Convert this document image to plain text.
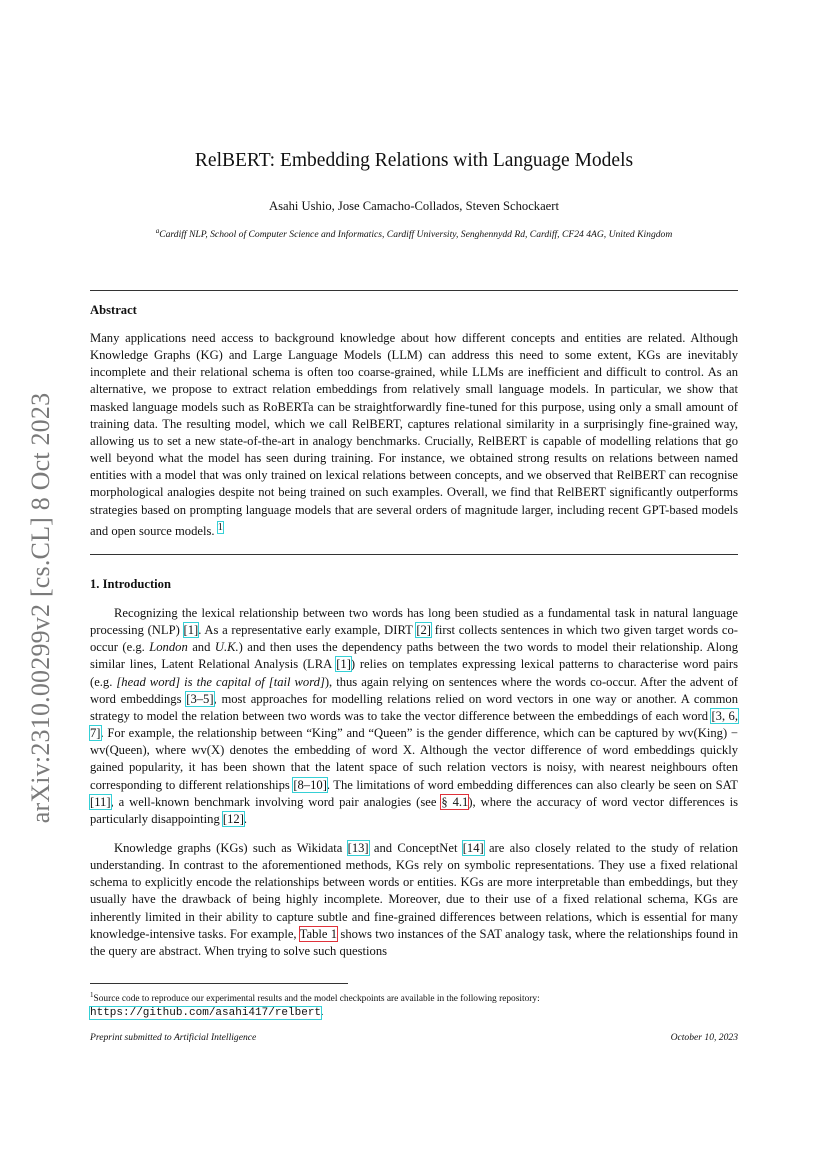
arXiv:2310.00299v2 [cs.CL] 8 Oct 2023
RelBERT: Embedding Relations with Language Models
Asahi Ushio, Jose Camacho-Collados, Steven Schockaert
$^a$Cardiff NLP, School of Computer Science and Informatics, Cardiff University, Senghennydd Rd, Cardiff, CF24 4AG, United Kingdom
Abstract

Many applications need access to background knowledge about how different concepts and entities are related. Although Knowledge Graphs (KG) and Large Language Models (LLM) can address this need to some extent, KGs are inevitably incomplete and their relational schema is often too coarse-grained, while LLMs are inefficient and difficult to control. As an alternative, we propose to extract relation embeddings from relatively small language models. In particular, we show that masked language models such as RoBERTa can be straightforwardly fine-tuned for this purpose, using only a small amount of training data. The resulting model, which we call RelBERT, captures relational similarity in a surprisingly fine-grained way, allowing us to set a new state-of-the-art in analogy benchmarks. Crucially, RelBERT is capable of modelling relations that go well beyond what the model has seen during training. For instance, we obtained strong results on relations between named entities with a model that was only trained on lexical relations between concepts, and we observed that RelBERT can recognise morphological analogies despite not being trained on such examples. Overall, we find that RelBERT significantly outperforms strategies based on prompting language models that are several orders of magnitude larger, including recent GPT-based models and open source models. $^1$

1. Introduction

Recognizing the lexical relationship between two words has long been studied as a fundamental task in natural language processing (NLP) [1]. As a representative early example, DIRT [2] first collects sentences in which two given target words co-occur (e.g. London and U.K.) and then uses the dependency paths between the two words to model their relationship. Along similar lines, Latent Relational Analysis (LRA [1]) relies on templates expressing lexical patterns to characterise word pairs (e.g. [head word] is the capital of [tail word]), thus again relying on sentences where the words co-occur. After the advent of word embeddings [3–5], most approaches for modelling relations relied on word vectors in one way or another. A common strategy to model the relation between two words was to take the vector difference between the embeddings of each word [3, 6, 7]. For example, the relationship between “King” and “Queen” is the gender difference, which can be captured by wv(King) − wv(Queen), where wv(X) denotes the embedding of word X. Although the vector difference of word embeddings quickly gained popularity, it has been shown that the latent space of such relation vectors is noisy, with nearest neighbours often corresponding to different relationships [8–10]. The limitations of word embedding differences can also clearly be seen on SAT [11], a well-known benchmark involving word pair analogies (see § 4.1), where the accuracy of word vector differences is particularly disappointing [12].

Knowledge graphs (KGs) such as Wikidata [13] and ConceptNet [14] are also closely related to the study of relation understanding. In contrast to the aforementioned methods, KGs rely on symbolic representations. They use a fixed relational schema to explicitly encode the relationships between words or entities. KGs are more interpretable than embeddings, but they usually have the drawback of being highly incomplete. Moreover, due to their use of a fixed relational schema, KGs are inherently limited in their ability to capture subtle and fine-grained differences between relations, which is essential for many knowledge-intensive tasks. For example, Table 1 shows two instances of the SAT analogy task, where the relationships found in the query are abstract. When trying to solve such questions

$^1$Source code to reproduce our experimental results and the model checkpoints are available in the following repository: https://github.com/asahi417/relbert.
Preprint submitted to Artificial Intelligence	October 10, 2023
